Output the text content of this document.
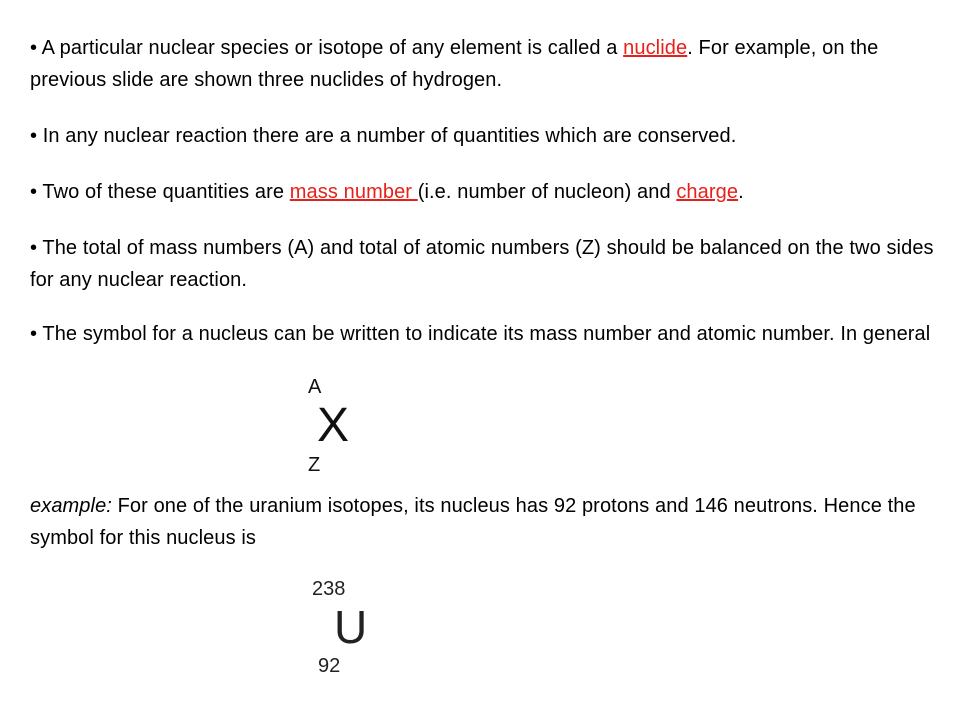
• A particular nuclear species or isotope of any element is called a nuclide. For example, on the previous slide are shown three nuclides of hydrogen.
• In any nuclear reaction there are a number of quantities which are conserved.
• Two of these quantities are mass number (i.e. number of nucleon) and charge.
• The total of mass numbers (A) and total of atomic numbers (Z) should be balanced on the two sides for any nuclear reaction.
• The symbol for a nucleus can be written to indicate its mass number and atomic number. In general
A
X
Z
example: For one of the uranium isotopes, its nucleus has 92 protons and 146 neutrons. Hence the symbol for this nucleus is
238
U
92
